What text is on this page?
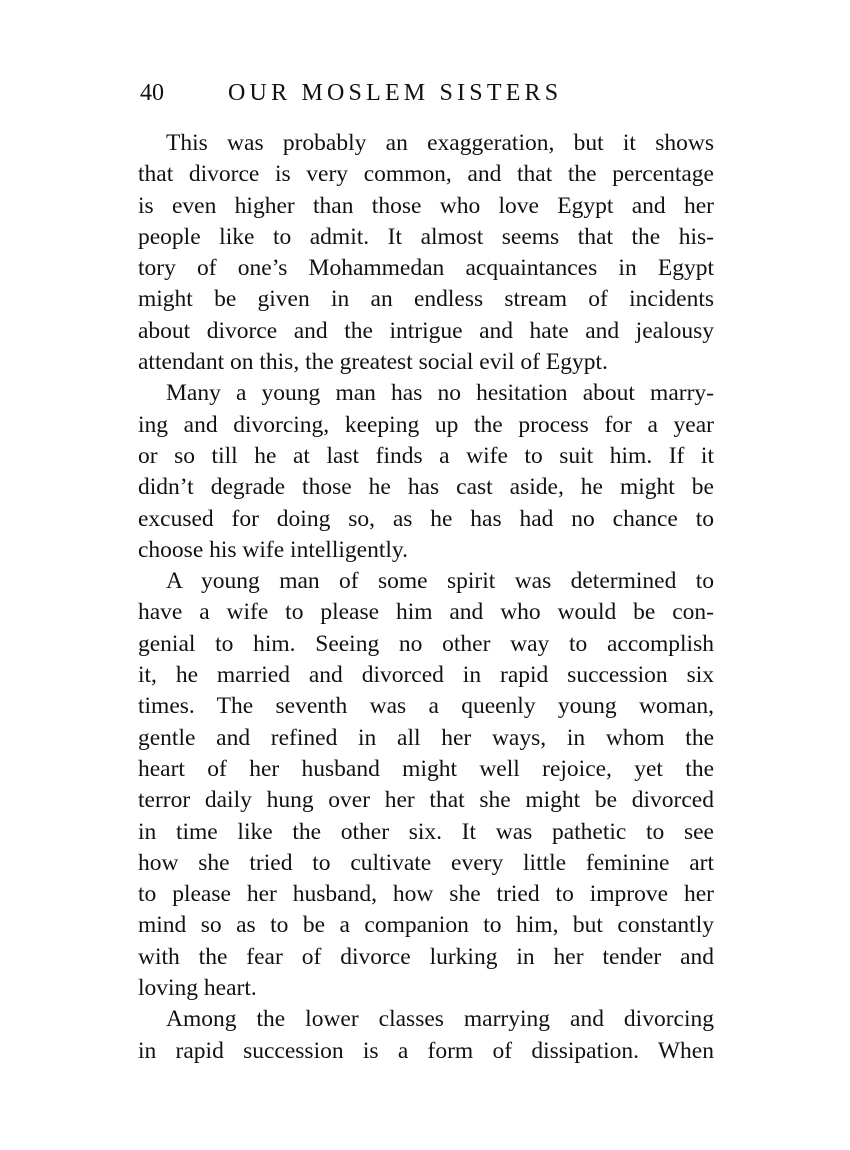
40	OUR MOSLEM SISTERS
This was probably an exaggeration, but it shows
that divorce is very common, and that the percentage
is even higher than those who love Egypt and her
people like to admit. It almost seems that the his-
tory of one’s Mohammedan acquaintances in Egypt
might be given in an endless stream of incidents
about divorce and the intrigue and hate and jealousy
attendant on this, the greatest social evil of Egypt.
Many a young man has no hesitation about marry-
ing and divorcing, keeping up the process for a year
or so till he at last finds a wife to suit him. If it
didn’t degrade those he has cast aside, he might be
excused for doing so, as he has had no chance to
choose his wife intelligently.
A young man of some spirit was determined to
have a wife to please him and who would be con-
genial to him. Seeing no other way to accomplish
it, he married and divorced in rapid succession six
times. The seventh was a queenly young woman,
gentle and refined in all her ways, in whom the
heart of her husband might well rejoice, yet the
terror daily hung over her that she might be divorced
in time like the other six. It was pathetic to see
how she tried to cultivate every little feminine art
to please her husband, how she tried to improve her
mind so as to be a companion to him, but constantly
with the fear of divorce lurking in her tender and
loving heart.
Among the lower classes marrying and divorcing
in rapid succession is a form of dissipation. When
